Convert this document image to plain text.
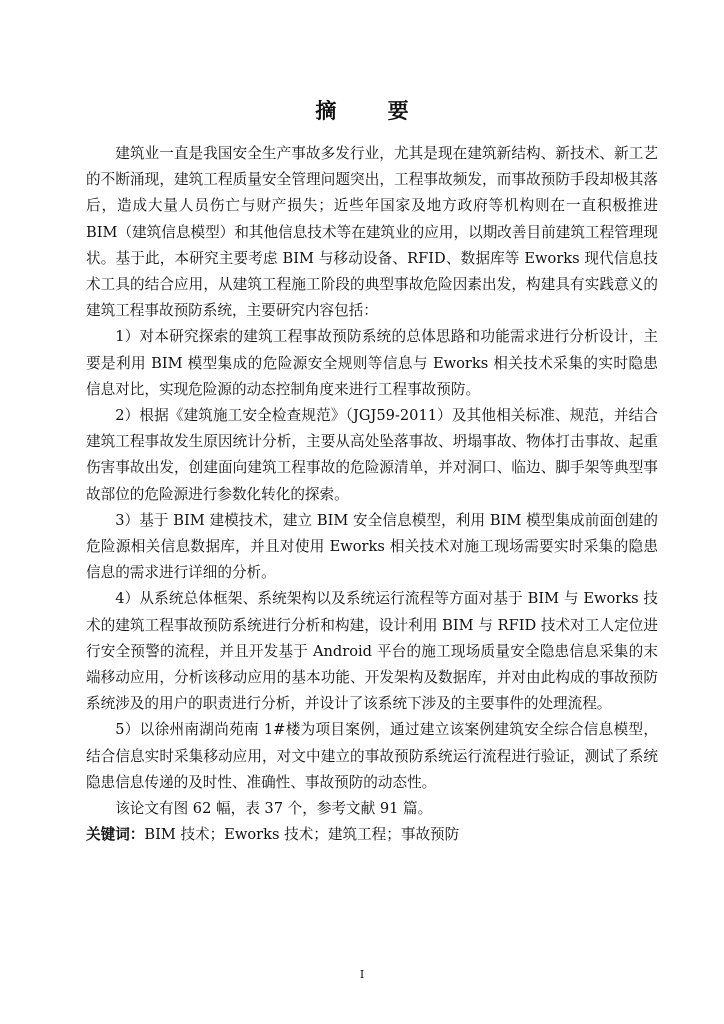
摘 要

建筑业一直是我国安全生产事故多发行业，尤其是现在建筑新结构、新技术、新工艺的不断涌现，建筑工程质量安全管理问题突出，工程事故频发，而事故预防手段却极其落后，造成大量人员伤亡与财产损失；近些年国家及地方政府等机构则在一直积极推进 BIM（建筑信息模型）和其他信息技术等在建筑业的应用，以期改善目前建筑工程管理现状。基于此，本研究主要考虑 BIM 与移动设备、RFID、数据库等 Eworks 现代信息技术工具的结合应用，从建筑工程施工阶段的典型事故危险因素出发，构建具有实践意义的建筑工程事故预防系统，主要研究内容包括：

1）对本研究探索的建筑工程事故预防系统的总体思路和功能需求进行分析设计，主要是利用 BIM 模型集成的危险源安全规则等信息与 Eworks 相关技术采集的实时隐患信息对比，实现危险源的动态控制角度来进行工程事故预防。

2）根据《建筑施工安全检查规范》（JGJ59-2011）及其他相关标准、规范，并结合建筑工程事故发生原因统计分析，主要从高处坠落事故、坍塌事故、物体打击事故、起重伤害事故出发，创建面向建筑工程事故的危险源清单，并对洞口、临边、脚手架等典型事故部位的危险源进行参数化转化的探索。

3）基于 BIM 建模技术，建立 BIM 安全信息模型，利用 BIM 模型集成前面创建的危险源相关信息数据库，并且对使用 Eworks 相关技术对施工现场需要实时采集的隐患信息的需求进行详细的分析。

4）从系统总体框架、系统架构以及系统运行流程等方面对基于 BIM 与 Eworks 技术的建筑工程事故预防系统进行分析和构建，设计利用 BIM 与 RFID 技术对工人定位进行安全预警的流程，并且开发基于 Android 平台的施工现场质量安全隐患信息采集的末端移动应用，分析该移动应用的基本功能、开发架构及数据库，并对由此构成的事故预防系统涉及的用户的职责进行分析，并设计了该系统下涉及的主要事件的处理流程。

5）以徐州南湖尚苑南 1#楼为项目案例，通过建立该案例建筑安全综合信息模型，结合信息实时采集移动应用，对文中建立的事故预防系统运行流程进行验证，测试了系统隐患信息传递的及时性、准确性、事故预防的动态性。

该论文有图 62 幅，表 37 个，参考文献 91 篇。

关键词：BIM 技术；Eworks 技术；建筑工程；事故预防

I
